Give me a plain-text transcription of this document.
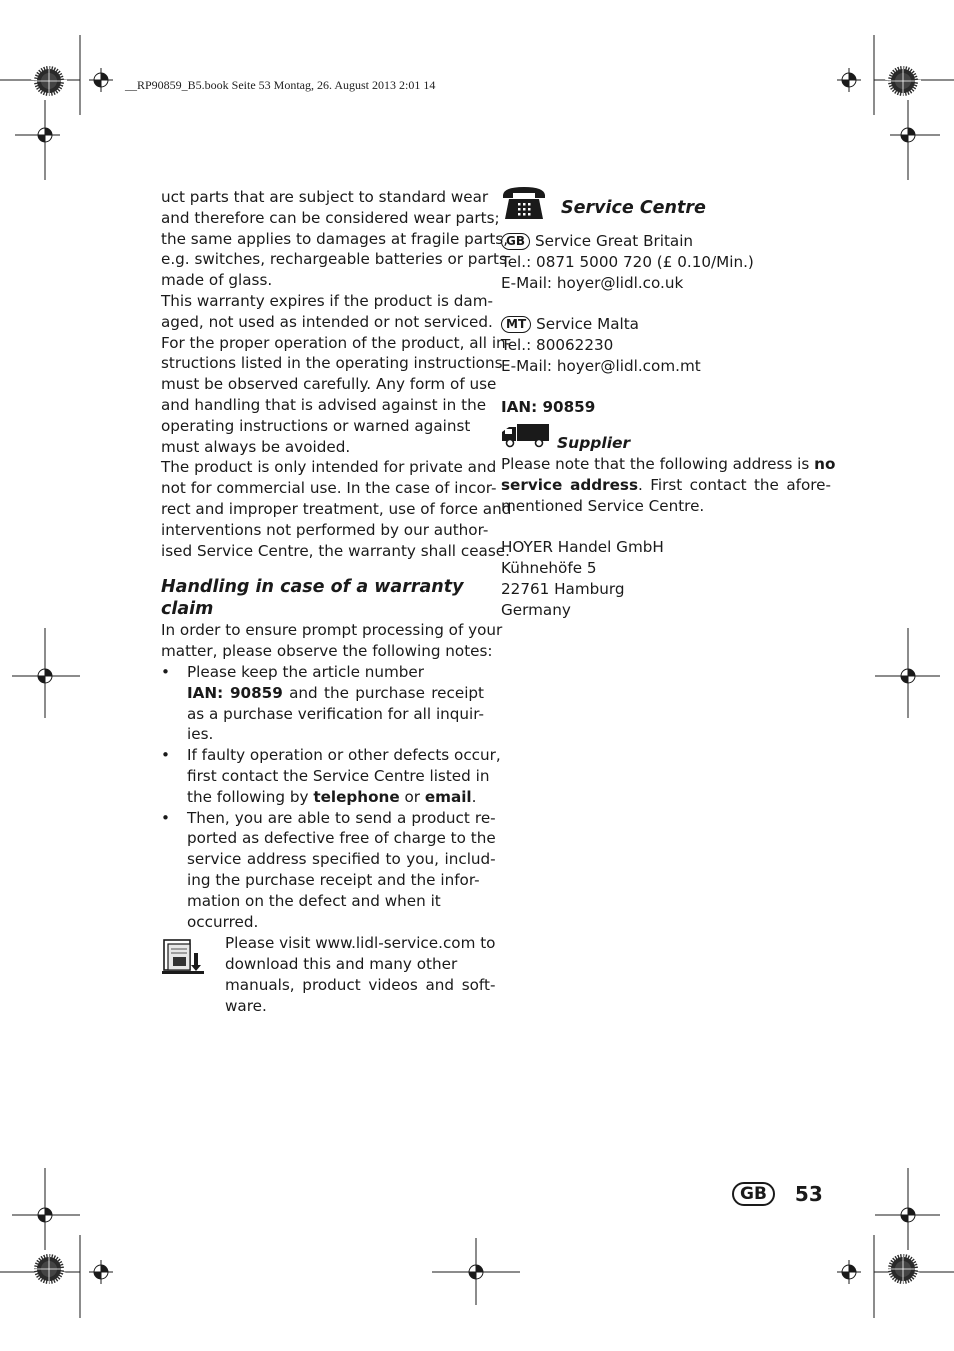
__RP90859_B5.book Seite 53 Montag, 26. August 2013 2:01 14

uct parts that are subject to standard wear

and therefore can be considered wear parts;

the same applies to damages at fragile parts,

e.g. switches, rechargeable batteries or parts

made of glass.

This warranty expires if the product is dam-

aged, not used as intended or not serviced.

For the proper operation of the product, all in-

structions listed in the operating instructions

must be observed carefully. Any form of use

and handling that is advised against in the

operating instructions or warned against

must always be avoided.

The product is only intended for private and

not for commercial use. In the case of incor-

rect and improper treatment, use of force and

interventions not performed by our author-

ised Service Centre, the warranty shall cease.

Handling in case of a warranty
claim

In order to ensure prompt processing of your

matter, please observe the following notes:

•	Please keep the article number

IAN: 90859 and the purchase receipt

as a purchase verification for all inquir-

ies.

•	If faulty operation or other defects occur,

first contact the Service Centre listed in

the following by telephone or email.

•	Then, you are able to send a product re-

ported as defective free of charge to the

service address specified to you, includ-

ing the purchase receipt and the infor-

mation on the defect and when it

occurred.

Please visit www.lidl-service.com to

download this and many other

manuals, product videos and soft-

ware.

Service Centre

GB Service Great Britain

Tel.: 0871 5000 720 (£ 0.10/Min.)

E-Mail: hoyer@lidl.co.uk

MT Service Malta

Tel.: 80062230

E-Mail: hoyer@lidl.com.mt

IAN: 90859

Supplier

Please note that the following address is no

service address. First contact the afore-

mentioned Service Centre.

HOYER Handel GmbH

Kühnehöfe 5

22761 Hamburg

Germany

GB	53
